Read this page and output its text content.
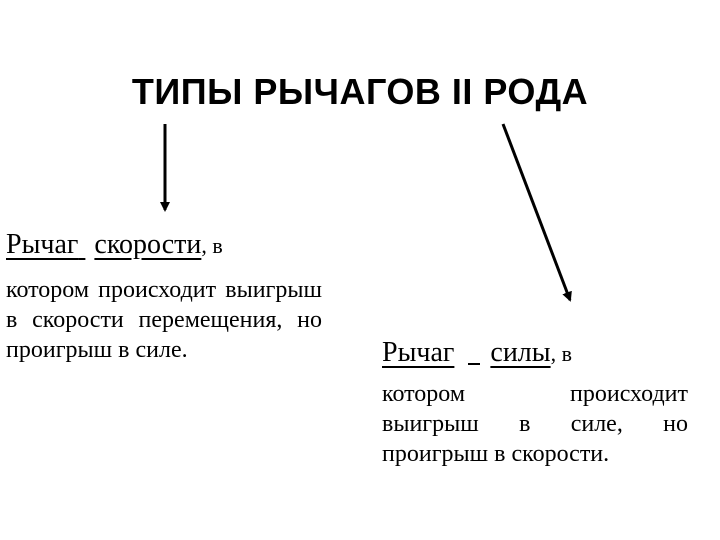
ТИПЫ РЫЧАГОВ II РОДА
Рычаг скорости, в
котором происходит выигрыш в скорости перемещения, но проигрыш в силе.	Рычаг силы, в
котором происходит выигрыш в силе, но проигрыш в скорости.
